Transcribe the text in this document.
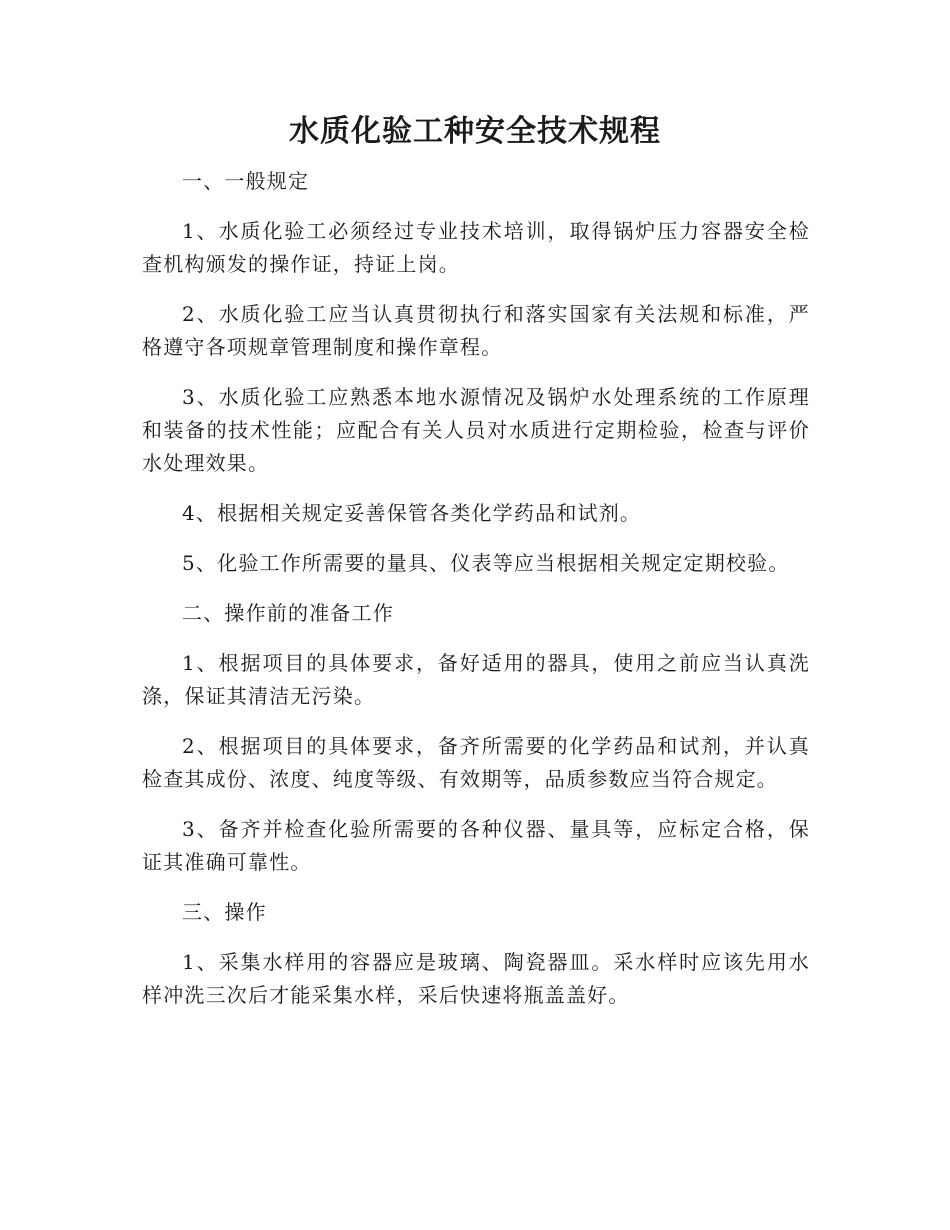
水质化验工种安全技术规程

一、一般规定

1、水质化验工必须经过专业技术培训，取得锅炉压力容器安全检查机构颁发的操作证，持证上岗。

2、水质化验工应当认真贯彻执行和落实国家有关法规和标准，严格遵守各项规章管理制度和操作章程。

3、水质化验工应熟悉本地水源情况及锅炉水处理系统的工作原理和装备的技术性能；应配合有关人员对水质进行定期检验，检查与评价水处理效果。

4、根据相关规定妥善保管各类化学药品和试剂。

5、化验工作所需要的量具、仪表等应当根据相关规定定期校验。

二、操作前的准备工作

1、根据项目的具体要求，备好适用的器具，使用之前应当认真洗涤，保证其清洁无污染。

2、根据项目的具体要求，备齐所需要的化学药品和试剂，并认真检查其成份、浓度、纯度等级、有效期等，品质参数应当符合规定。

3、备齐并检查化验所需要的各种仪器、量具等，应标定合格，保证其准确可靠性。

三、操作

1、采集水样用的容器应是玻璃、陶瓷器皿。采水样时应该先用水样冲洗三次后才能采集水样，采后快速将瓶盖盖好。
